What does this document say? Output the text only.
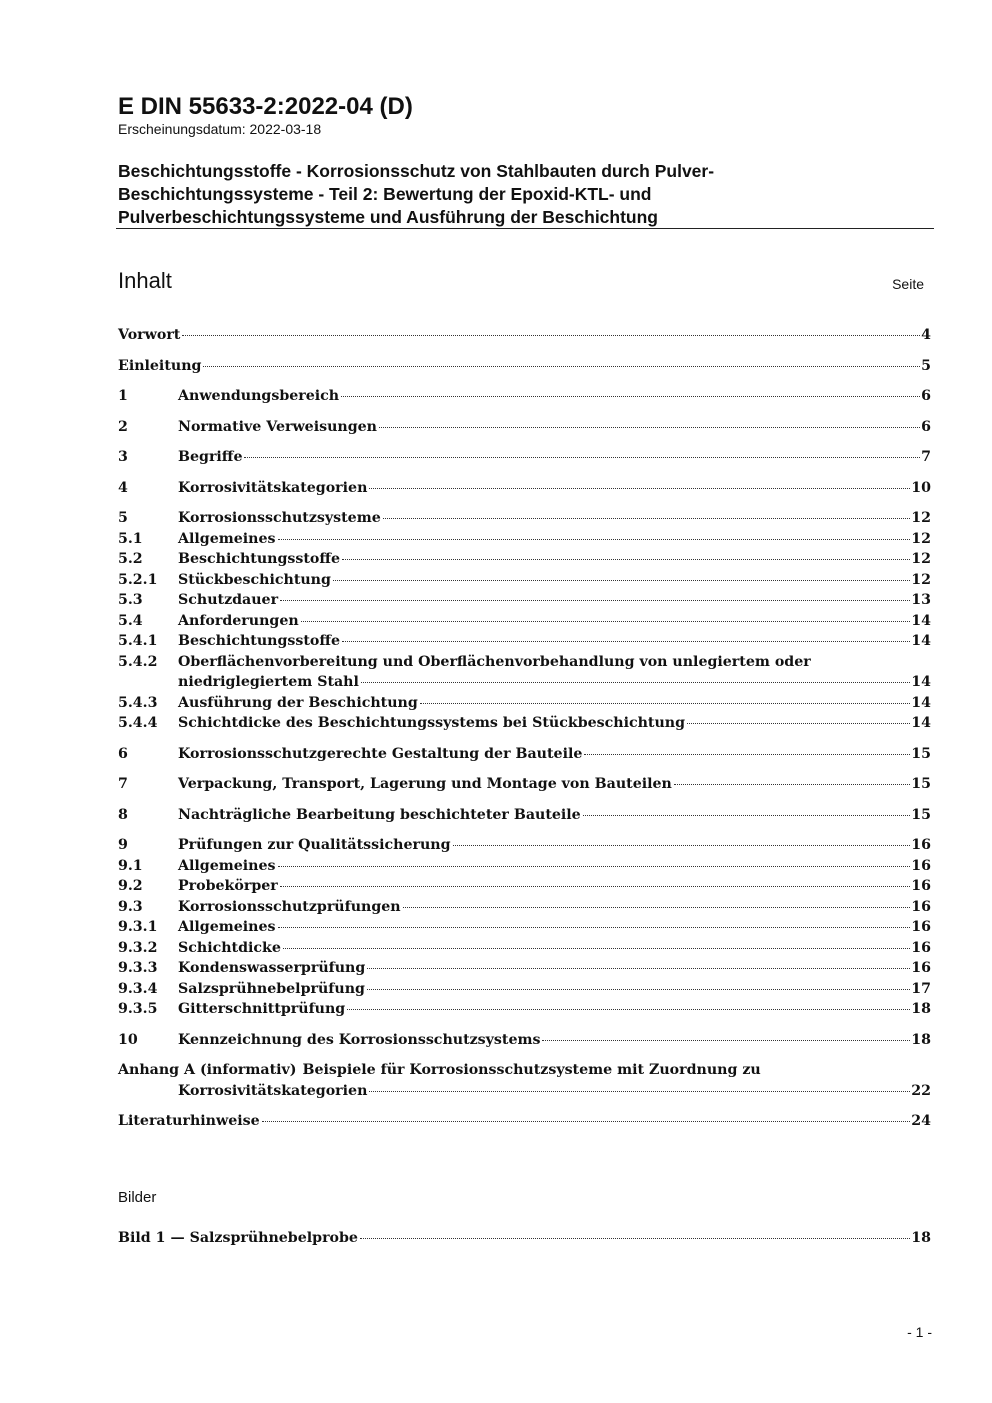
E DIN 55633-2:2022-04 (D)
Erscheinungsdatum: 2022-03-18
Beschichtungsstoffe - Korrosionsschutz von Stahlbauten durch Pulver-
Beschichtungssysteme - Teil 2: Bewertung der Epoxid-KTL- und
Pulverbeschichtungssysteme und Ausführung der Beschichtung
Inhalt	Seite
Vorwort	4
Einleitung	5
1	Anwendungsbereich	6
2	Normative Verweisungen	6
3	Begriffe	7
4	Korrosivitätskategorien	10
5	Korrosionsschutzsysteme	12
5.1	Allgemeines	12
5.2	Beschichtungsstoffe	12
5.2.1	Stückbeschichtung	12
5.3	Schutzdauer	13
5.4	Anforderungen	14
5.4.1	Beschichtungsstoffe	14
5.4.2	Oberflächenvorbereitung und Oberflächenvorbehandlung von unlegiertem oder
niedriglegiertem Stahl	14
5.4.3	Ausführung der Beschichtung	14
5.4.4	Schichtdicke des Beschichtungssystems bei Stückbeschichtung	14
6	Korrosionsschutzgerechte Gestaltung der Bauteile	15
7	Verpackung, Transport, Lagerung und Montage von Bauteilen	15
8	Nachträgliche Bearbeitung beschichteter Bauteile	15
9	Prüfungen zur Qualitätssicherung	16
9.1	Allgemeines	16
9.2	Probekörper	16
9.3	Korrosionsschutzprüfungen	16
9.3.1	Allgemeines	16
9.3.2	Schichtdicke	16
9.3.3	Kondenswasserprüfung	16
9.3.4	Salzsprühnebelprüfung	17
9.3.5	Gitterschnittprüfung	18
10	Kennzeichnung des Korrosionsschutzsystems	18
Anhang A (informativ) Beispiele für Korrosionsschutzsysteme mit Zuordnung zu
Korrosivitätskategorien	22
Literaturhinweise	24
Bilder
Bild 1 — Salzsprühnebelprobe	18
- 1 -
